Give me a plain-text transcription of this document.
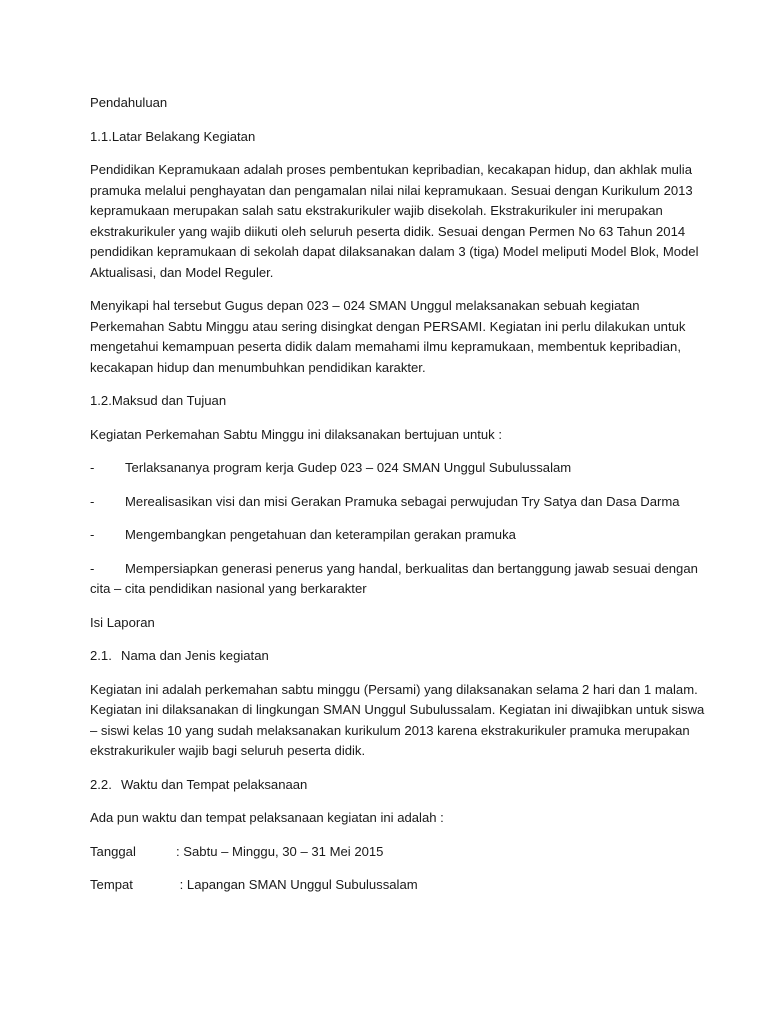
Pendahuluan

1.1.Latar Belakang Kegiatan

Pendidikan Kepramukaan adalah proses pembentukan kepribadian, kecakapan hidup, dan akhlak mulia pramuka melalui penghayatan dan pengamalan nilai nilai kepramukaan. Sesuai dengan Kurikulum 2013 kepramukaan merupakan salah satu ekstrakurikuler wajib disekolah. Ekstrakurikuler ini merupakan ekstrakurikuler yang wajib diikuti oleh seluruh peserta didik. Sesuai dengan Permen No 63 Tahun 2014 pendidikan kepramukaan di sekolah dapat dilaksanakan dalam 3 (tiga) Model meliputi Model Blok, Model Aktualisasi, dan Model Reguler.

Menyikapi hal tersebut Gugus depan 023 – 024 SMAN Unggul melaksanakan sebuah kegiatan Perkemahan Sabtu Minggu atau sering disingkat dengan PERSAMI. Kegiatan ini perlu dilakukan untuk mengetahui kemampuan peserta didik dalam memahami ilmu kepramukaan, membentuk kepribadian, kecakapan hidup dan menumbuhkan pendidikan karakter.

1.2.Maksud dan Tujuan

Kegiatan Perkemahan Sabtu Minggu ini dilaksanakan bertujuan untuk :

-	Terlaksananya program kerja Gudep 023 – 024 SMAN Unggul Subulussalam
-	Merealisasikan visi dan misi Gerakan Pramuka sebagai perwujudan Try Satya dan Dasa Darma
-	Mengembangkan pengetahuan dan keterampilan gerakan pramuka
- Mempersiapkan generasi penerus yang handal, berkualitas dan bertanggung jawab sesuai dengan cita – cita pendidikan nasional yang berkarakter

Isi Laporan

2.1. Nama dan Jenis kegiatan

Kegiatan ini adalah perkemahan sabtu minggu (Persami) yang dilaksanakan selama 2 hari dan 1 malam. Kegiatan ini dilaksanakan di lingkungan SMAN Unggul Subulussalam. Kegiatan ini diwajibkan untuk siswa – siswi kelas 10 yang sudah melaksanakan kurikulum 2013 karena ekstrakurikuler pramuka merupakan ekstrakurikuler wajib bagi seluruh peserta didik.

2.2. Waktu dan Tempat pelaksanaan

Ada pun waktu dan tempat pelaksanaan kegiatan ini adalah :

Tanggal	: Sabtu – Minggu, 30 – 31 Mei 2015
Tempat	: Lapangan SMAN Unggul Subulussalam
